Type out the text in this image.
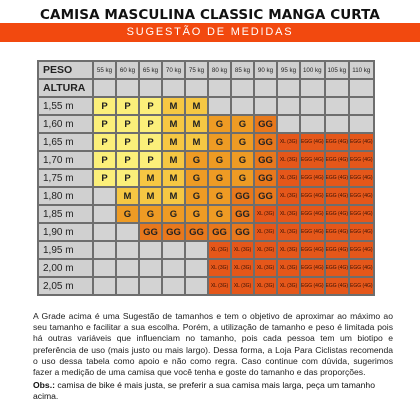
CAMISA MASCULINA CLASSIC MANGA CURTA
SUGESTÃO DE MEDIDAS
PESO	55 kg	60 kg	65 kg	70 kg	75 kg	80 kg	85 kg	90 kg	95 kg	100 kg	105 kg	110 kg
ALTURA												
1,55 m	P	P	P	M	M							
1,60 m	P	P	P	M	M	G	G	GG				
1,65 m	P	P	P	M	M	G	G	GG	XL (3G)	EGG (4G)	EGG (4G)	EGG (4G)
1,70 m	P	P	P	M	G	G	G	GG	XL (3G)	EGG (4G)	EGG (4G)	EGG (4G)
1,75 m	P	P	M	M	G	G	G	GG	XL (3G)	EGG (4G)	EGG (4G)	EGG (4G)
1,80 m		M	M	M	G	G	GG	GG	XL (3G)	EGG (4G)	EGG (4G)	EGG (4G)
1,85 m		G	G	G	G	G	GG	XL (3G)	XL (3G)	EGG (4G)	EGG (4G)	EGG (4G)
1,90 m			GG	GG	GG	GG	GG	XL (3G)	XL (3G)	EGG (4G)	EGG (4G)	EGG (4G)
1,95 m						XL (3G)	XL (3G)	XL (3G)	XL (3G)	EGG (4G)	EGG (4G)	EGG (4G)
2,00 m						XL (3G)	XL (3G)	XL (3G)	XL (3G)	EGG (4G)	EGG (4G)	EGG (4G)
2,05 m						XL (3G)	XL (3G)	XL (3G)	XL (3G)	EGG (4G)	EGG (4G)	EGG (4G)
A Grade acima é uma Sugestão de tamanhos e tem o objetivo de aproximar ao máximo ao seu tamanho e facilitar a sua escolha. Porém, a utilização de tamanho e peso é limitada pois há outras variáveis que influenciam no tamanho, pois cada pessoa tem um biotipo e preferência de uso (mais justo ou mais largo). Dessa forma, a Loja Para Ciclistas recomenda o uso dessa tabela como apoio e não como regra. Caso continue com dúvida, sugerimos fazer a medição de uma camisa que você tenha e goste do tamanho e das proporções.
Obs.: camisa de bike é mais justa, se preferir a sua camisa mais larga, peça um tamanho acima.
